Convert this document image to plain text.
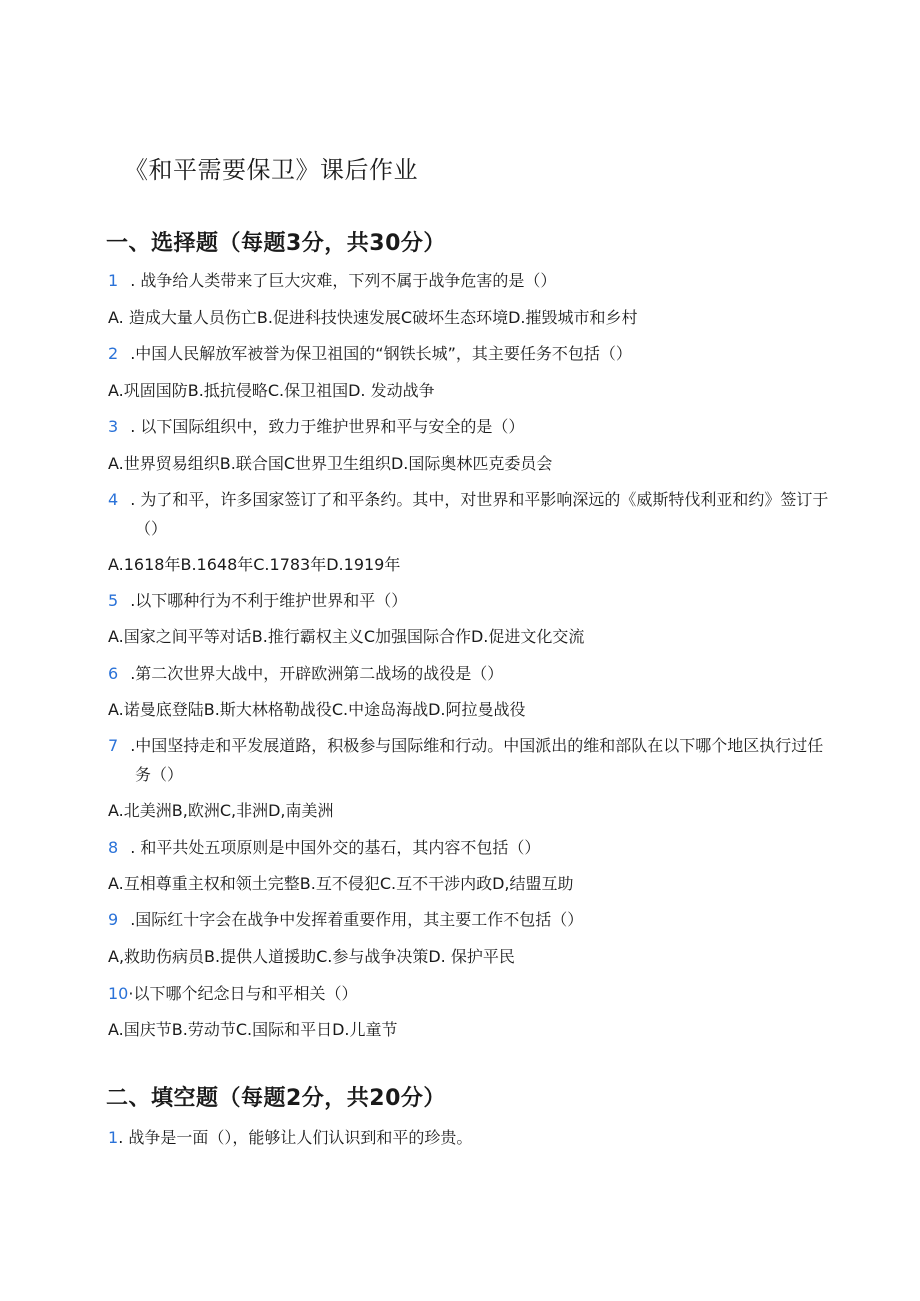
《和平需要保卫》课后作业
一、选择题（每题3分，共30分）
1 . 战争给人类带来了巨大灾难，下列不属于战争危害的是（）
A. 造成大量人员伤亡B.促进科技快速发展C破坏生态环境D.摧毁城市和乡村
2 .中国人民解放军被誉为保卫祖国的“钢铁长城”，其主要任务不包括（）
A.巩固国防B.抵抗侵略C.保卫祖国D. 发动战争
3 . 以下国际组织中，致力于维护世界和平与安全的是（）
A.世界贸易组织B.联合国C世界卫生组织D.国际奥林匹克委员会
4 . 为了和平，许多国家签订了和平条约。其中，对世界和平影响深远的《威斯特伐利亚和约》签订于（）
A.1618年B.1648年C.1783年D.1919年
5 .以下哪种行为不利于维护世界和平（）
A.国家之间平等对话B.推行霸权主义C加强国际合作D.促进文化交流
6 .第二次世界大战中，开辟欧洲第二战场的战役是（）
A.诺曼底登陆B.斯大林格勒战役C.中途岛海战D.阿拉曼战役
7 .中国坚持走和平发展道路，积极参与国际维和行动。中国派出的维和部队在以下哪个地区执行过任务（）
A.北美洲B,欧洲C,非洲D,南美洲
8 . 和平共处五项原则是中国外交的基石，其内容不包括（）
A.互相尊重主权和领土完整B.互不侵犯C.互不干涉内政D,结盟互助
9 .国际红十字会在战争中发挥着重要作用，其主要工作不包括（）
A,救助伤病员B.提供人道援助C.参与战争决策D. 保护平民
10·以下哪个纪念日与和平相关（）
A.国庆节B.劳动节C.国际和平日D.儿童节
二、填空题（每题2分，共20分）
1. 战争是一面（），能够让人们认识到和平的珍贵。
